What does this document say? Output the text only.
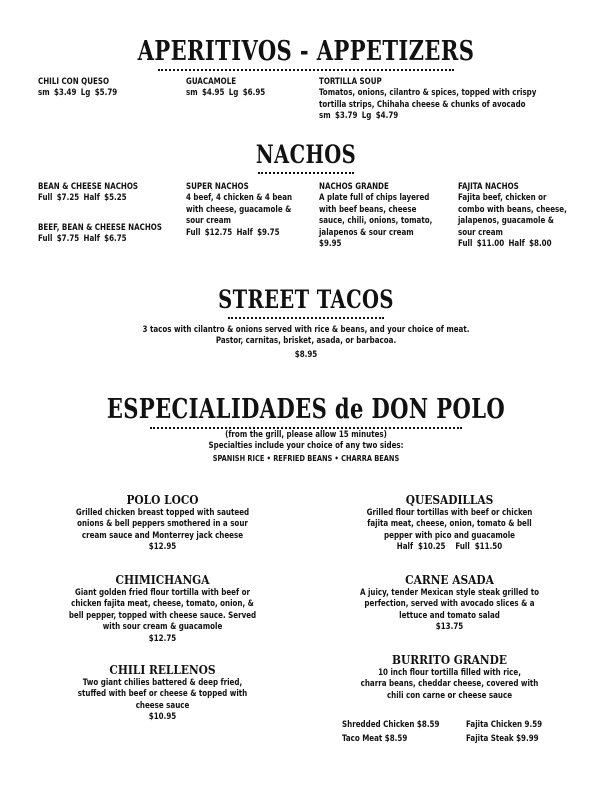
APERITIVOS - APPETIZERS
CHILI CON QUESO
sm $3.49 Lg $5.79
GUACAMOLE
sm $4.95 Lg $6.95
TORTILLA SOUP
Tomatos, onions, cilantro & spices, topped with crispy
tortilla strips, Chihaha cheese & chunks of avocado
sm $3.79 Lg $4.79
NACHOS
BEAN & CHEESE NACHOS
Full $7.25 Half $5.25
BEEF, BEAN & CHEESE NACHOS
Full $7.75 Half $6.75
SUPER NACHOS
4 beef, 4 chicken & 4 bean
with cheese, guacamole &
sour cream
Full $12.75 Half $9.75
NACHOS GRANDE
A plate full of chips layered
with beef beans, cheese
sauce, chili, onions, tomato,
jalapenos & sour cream
$9.95
FAJITA NACHOS
Fajita beef, chicken or
combo with beans, cheese,
jalapenos, guacamole &
sour cream
Full $11.00 Half $8.00
STREET TACOS
3 tacos with cilantro & onions served with rice & beans, and your choice of meat.
Pastor, carnitas, brisket, asada, or barbacoa.
$8.95
ESPECIALIDADES de DON POLO
(from the grill, please allow 15 minutes)
Specialties include your choice of any two sides:
SPANISH RICE • REFRIED BEANS • CHARRA BEANS
POLO LOCO
Grilled chicken breast topped with sauteed
onions & bell peppers smothered in a sour
cream sauce and Monterrey jack cheese
$12.95
CHIMICHANGA
Giant golden fried flour tortilla with beef or
chicken fajita meat, cheese, tomato, onion, &
bell pepper, topped with cheese sauce. Served
with sour cream & guacamole
$12.75
CHILI RELLENOS
Two giant chilies battered & deep fried,
stuffed with beef or cheese & topped with
cheese sauce
$10.95
QUESADILLAS
Grilled flour tortillas with beef or chicken
fajita meat, cheese, onion, tomato & bell
pepper with pico and guacamole
Half  $10.25    Full  $11.50
CARNE ASADA
A juicy, tender Mexican style steak grilled to
perfection, served with avocado slices & a
lettuce and tomato salad
$13.75
BURRITO GRANDE
10 inch flour tortilla filled with rice,
charra beans, cheddar cheese, covered with
chili con carne or cheese sauce
Shredded Chicken $8.59	Fajita Chicken 9.59
Taco Meat $8.59	Fajita Steak $9.99
